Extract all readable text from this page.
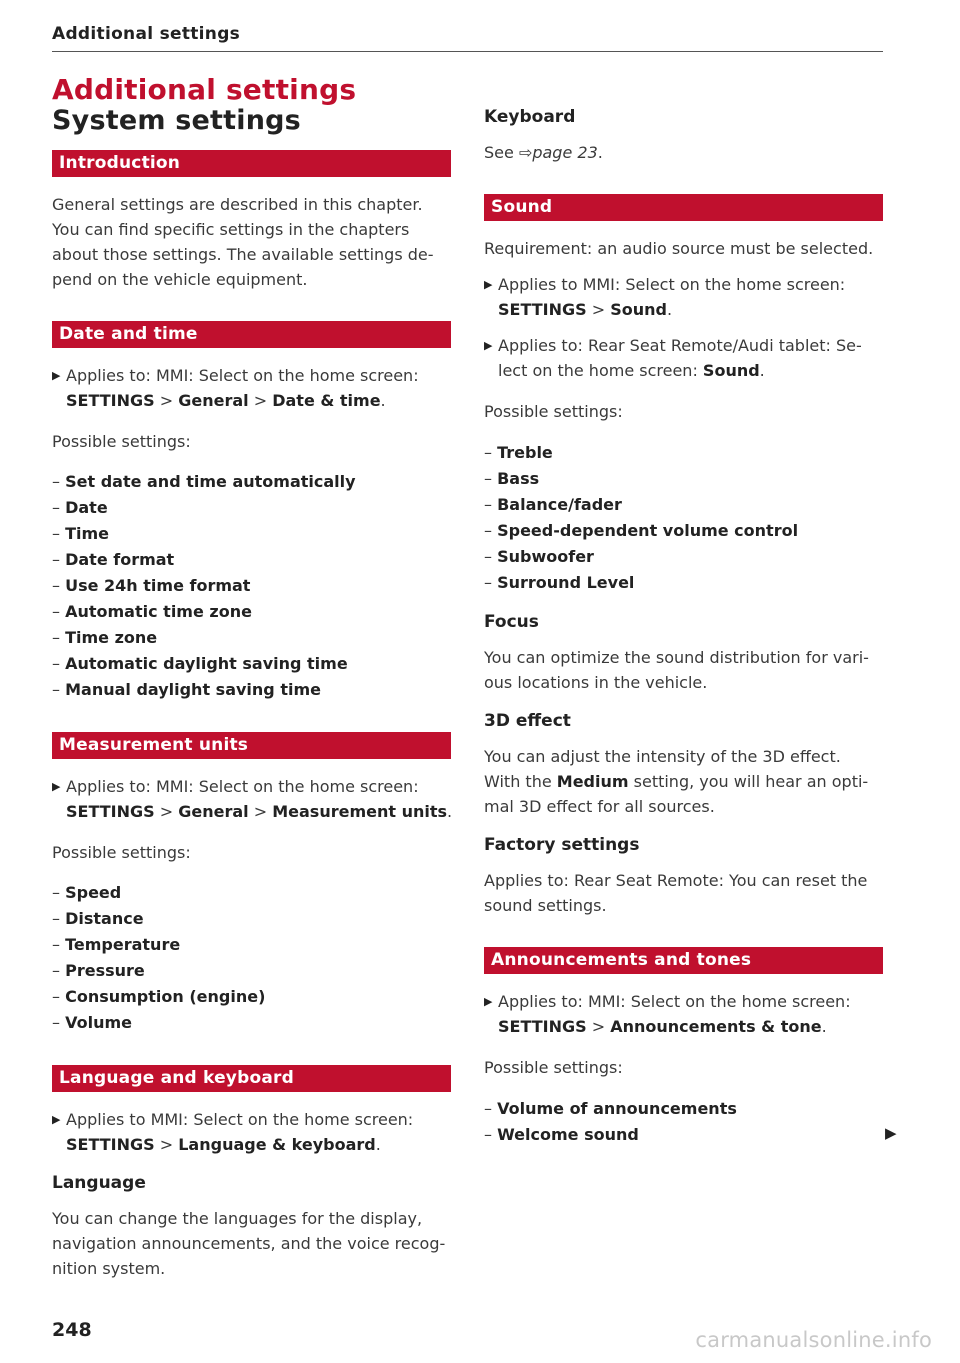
Additional settings
Additional settings
System settings
Introduction
General settings are described in this chapter.
You can find specific settings in the chapters
about those settings. The available settings de-
pend on the vehicle equipment.
Date and time
▶ Applies to: MMI: Select on the home screen:
SETTINGS > General > Date & time.
Possible settings:
– Set date and time automatically
– Date
– Time
– Date format
– Use 24h time format
– Automatic time zone
– Time zone
– Automatic daylight saving time
– Manual daylight saving time
Measurement units
▶ Applies to: MMI: Select on the home screen:
SETTINGS > General > Measurement units.
Possible settings:
– Speed
– Distance
– Temperature
– Pressure
– Consumption (engine)
– Volume
Language and keyboard
▶ Applies to MMI: Select on the home screen:
SETTINGS > Language & keyboard.
Language
You can change the languages for the display,
navigation announcements, and the voice recog-
nition system.
Keyboard
See ⇨page 23.
Sound
Requirement: an audio source must be selected.
▶ Applies to MMI: Select on the home screen:
SETTINGS > Sound.
▶ Applies to: Rear Seat Remote/Audi tablet: Se-
lect on the home screen: Sound.
Possible settings:
– Treble
– Bass
– Balance/fader
– Speed-dependent volume control
– Subwoofer
– Surround Level
Focus
You can optimize the sound distribution for vari-
ous locations in the vehicle.
3D effect
You can adjust the intensity of the 3D effect.
With the Medium setting, you will hear an opti-
mal 3D effect for all sources.
Factory settings
Applies to: Rear Seat Remote: You can reset the
sound settings.
Announcements and tones
▶ Applies to: MMI: Select on the home screen:
SETTINGS > Announcements & tone.
Possible settings:
– Volume of announcements
– Welcome sound	▶
248	carmanualsonline.info
